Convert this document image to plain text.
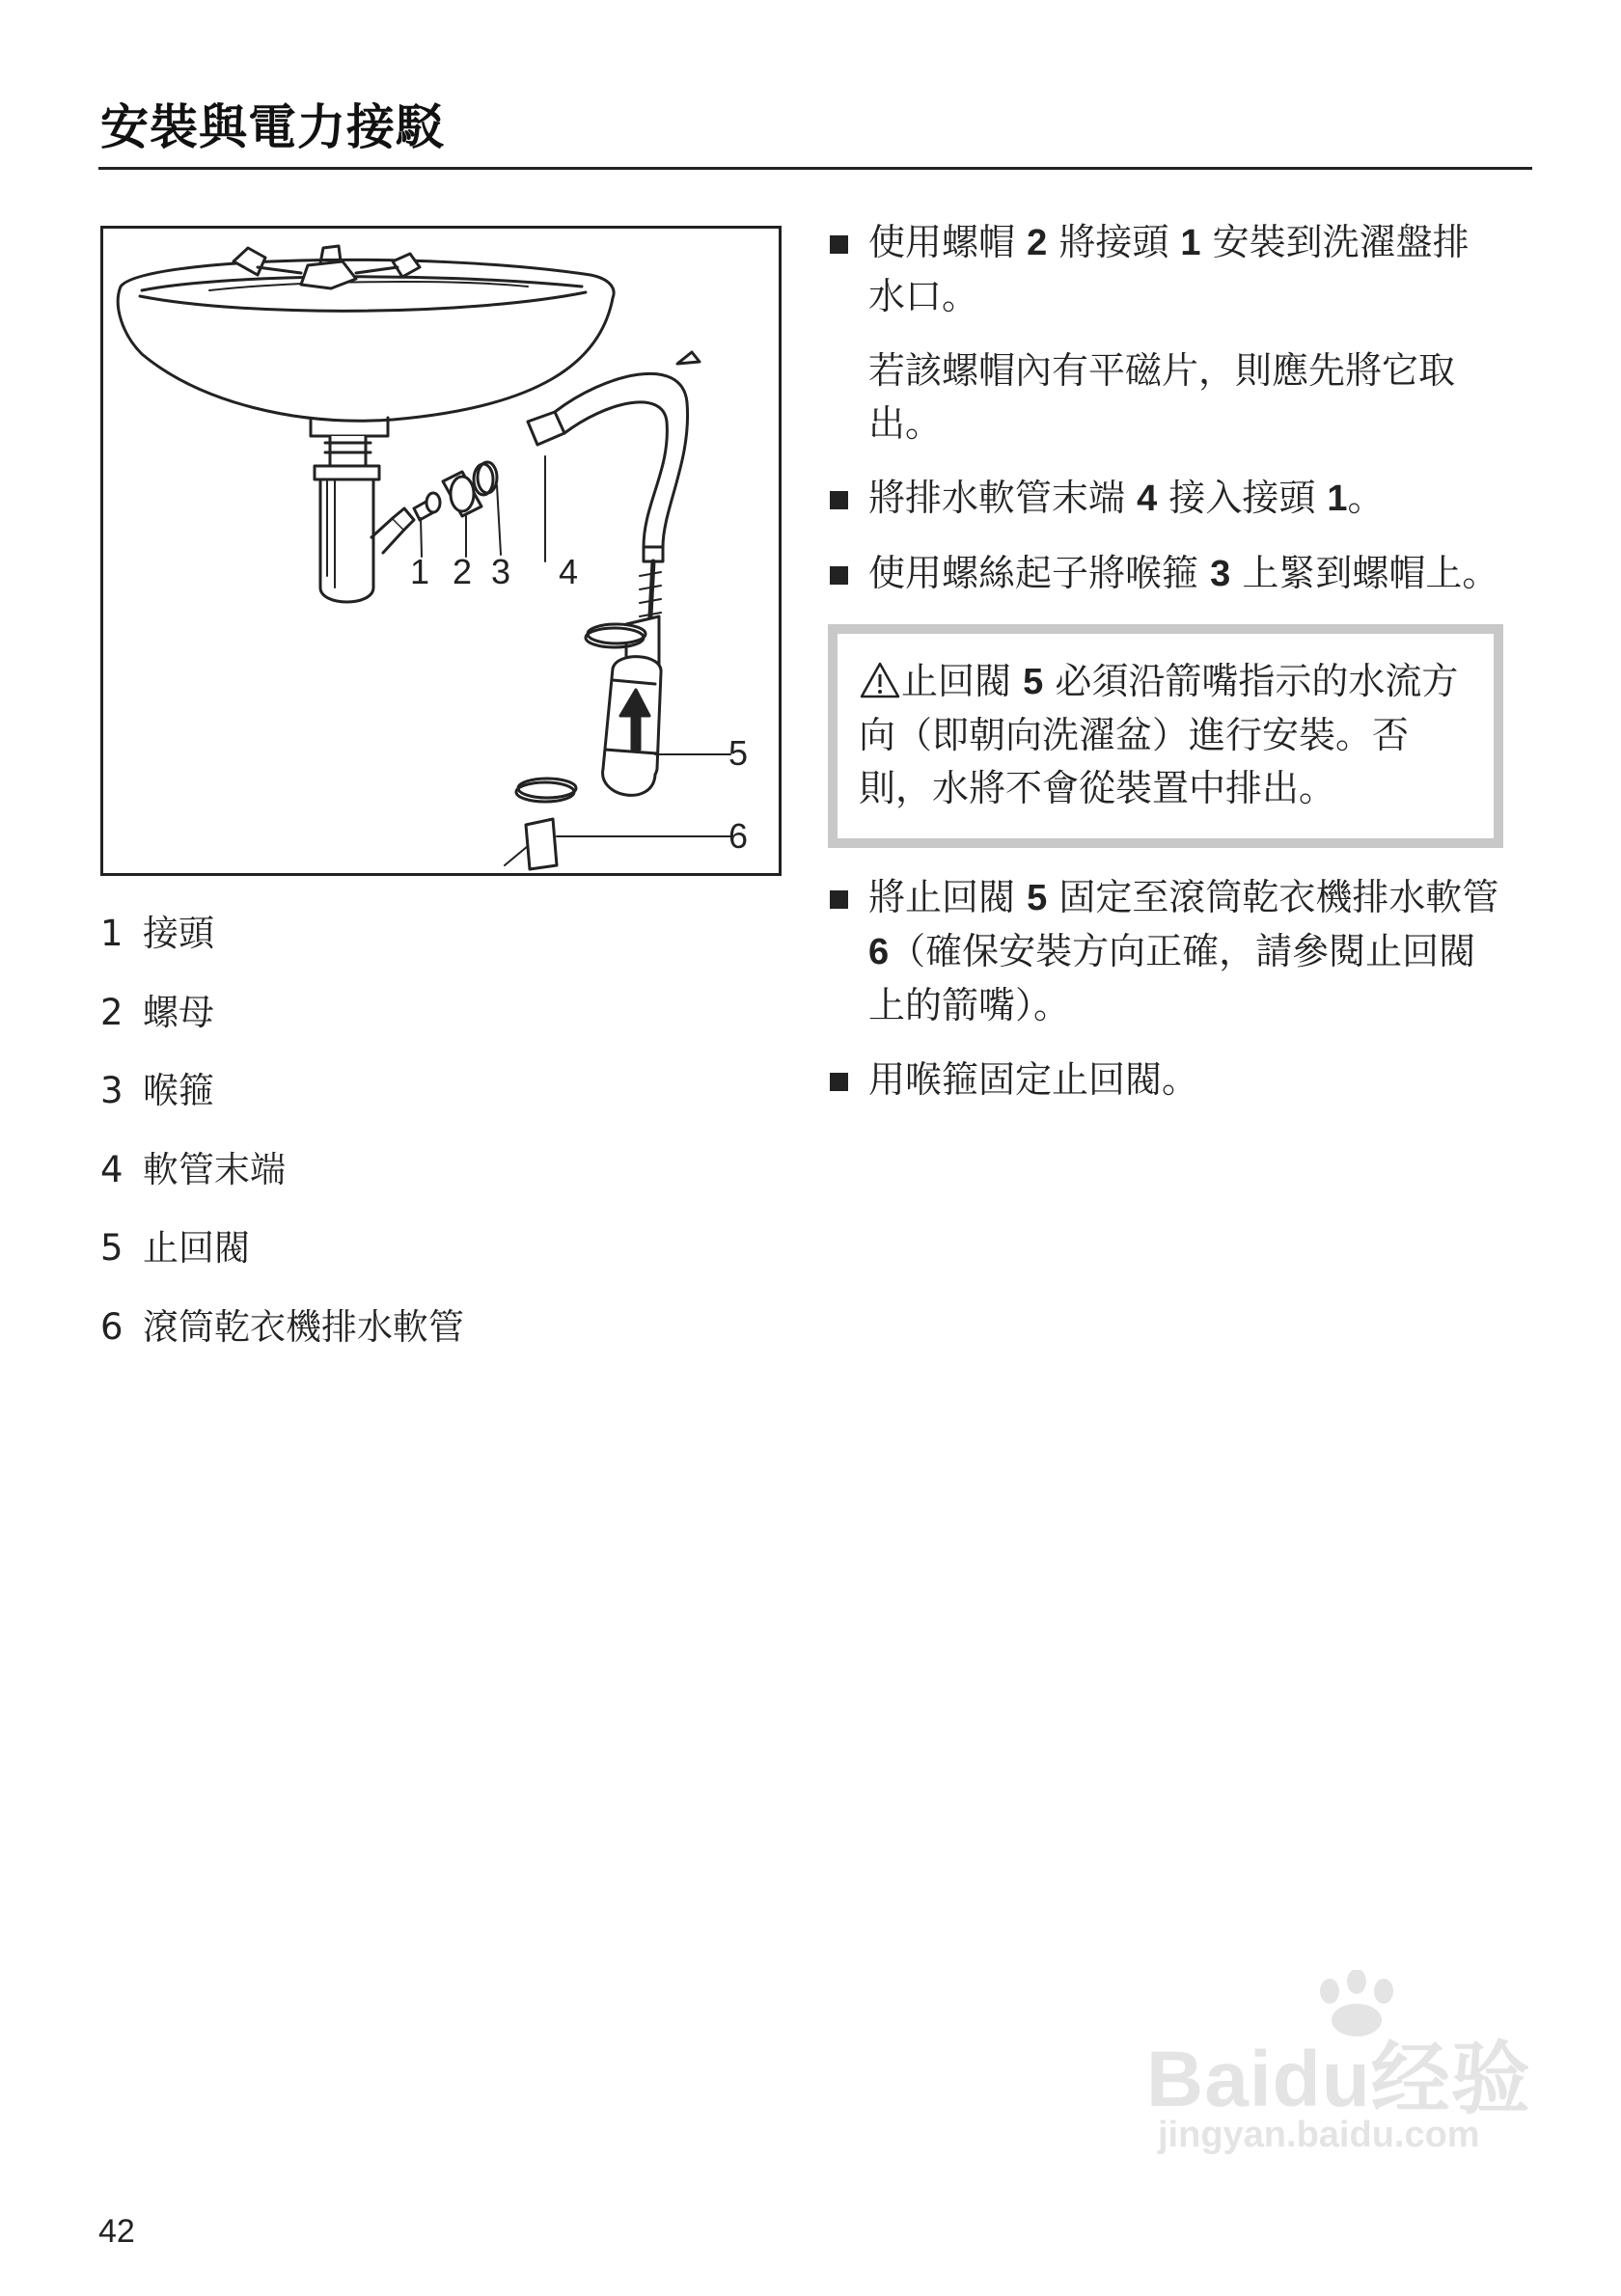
安裝與電力接駁
1 2 3 4
5
6
1 接頭
2 螺母
3 喉箍
4 軟管末端
5 止回閥
6 滾筒乾衣機排水軟管
使用螺帽 2 將接頭 1 安裝到洗濯盤排水口。
若該螺帽內有平磁片，則應先將它取出。
將排水軟管末端 4 接入接頭 1。
使用螺絲起子將喉箍 3 上緊到螺帽上。
止回閥 5 必須沿箭嘴指示的水流方向（即朝向洗濯盆）進行安裝。否則，水將不會從裝置中排出。
將止回閥 5 固定至滾筒乾衣機排水軟管 6（確保安裝方向正確，請參閱止回閥上的箭嘴）。
用喉箍固定止回閥。
Baidu经验
jingyan.baidu.com
42
